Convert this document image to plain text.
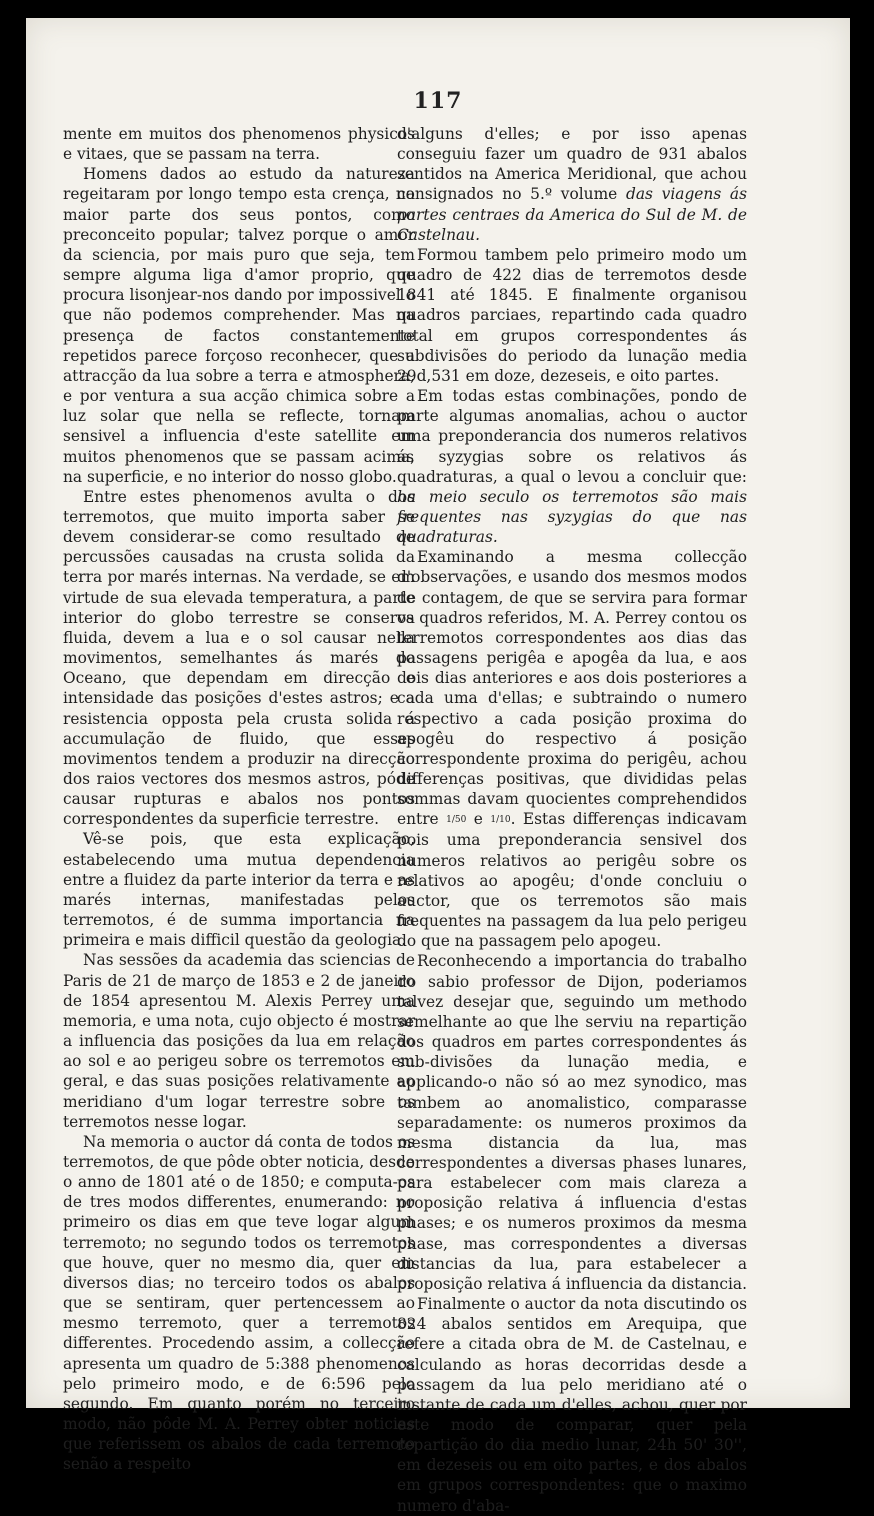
117

mente em muitos dos phenomenos physicos e vitaes, que se passam na terra.

Homens dados ao estudo da natureza regeitaram por longo tempo esta crença, na maior parte dos seus pontos, como preconceito popular; talvez porque o amor da sciencia, por mais puro que seja, tem sempre alguma liga d'amor proprio, que procura lisonjear-nos dando por impossivel o que não podemos comprehender. Mas na presença de factos constantemente repetidos parece forçoso reconhecer, que a attracção da lua sobre a terra e atmosphera, e por ventura a sua acção chimica sobre a luz solar que nella se reflecte, tornam sensivel a influencia d'este satellite em muitos phenomenos que se passam acima, na superficie, e no interior do nosso globo.

Entre estes phenomenos avulta o dos terremotos, que muito importa saber se devem considerar-se como resultado de percussões causadas na crusta solida da terra por marés internas. Na verdade, se em virtude de sua elevada temperatura, a parte interior do globo terrestre se conserva fluida, devem a lua e o sol causar nella movimentos, semelhantes ás marés do Oceano, que dependam em direcção e intensidade das posições d'estes astros; e a resistencia opposta pela crusta solida á accumulação de fluido, que esses movimentos tendem a produzir na direcção dos raios vectores dos mesmos astros, póde causar rupturas e abalos nos pontos correspondentes da superficie terrestre.

Vê-se pois, que esta explicação, estabelecendo uma mutua dependencia entre a fluidez da parte interior da terra e as marés internas, manifestadas pelos terremotos, é de summa importancia na primeira e mais difficil questão da geologia.

Nas sessões da academia das sciencias de Paris de 21 de março de 1853 e 2 de janeiro de 1854 apresentou M. Alexis Perrey uma memoria, e uma nota, cujo objecto é mostrar a influencia das posições da lua em relação ao sol e ao perigeu sobre os terremotos em geral, e das suas posições relativamente ao meridiano d'um logar terrestre sobre os terremotos nesse logar.

Na memoria o auctor dá conta de todos os terremotos, de que pôde obter noticia, desde o anno de 1801 até o de 1850; e computa-os de tres modos differentes, enumerando: no primeiro os dias em que teve logar algum terremoto; no segundo todos os terremotos que houve, quer no mesmo dia, quer em diversos dias; no terceiro todos os abalos que se sentiram, quer pertencessem ao mesmo terremoto, quer a terremotos differentes. Procedendo assim, a collecção apresenta um quadro de 5:388 phenomenos pelo primeiro modo, e de 6:596 pelo segundo. Em quanto porém no terceiro modo, não pôde M. A. Perrey obter noticias que referissem os abalos de cada terremoto senão a respeito

d'alguns d'elles; e por isso apenas conseguiu fazer um quadro de 931 abalos sentidos na America Meridional, que achou consignados no 5.º volume das viagens ás partes centraes da America do Sul de M. de Castelnau.

Formou tambem pelo primeiro modo um quadro de 422 dias de terremotos desde 1841 até 1845. E finalmente organisou quadros parciaes, repartindo cada quadro total em grupos correspondentes ás subdivisões do periodo da lunação media 29d,531 em doze, dezeseis, e oito partes.

Em todas estas combinações, pondo de parte algumas anomalias, achou o auctor uma preponderancia dos numeros relativos ás syzygias sobre os relativos ás quadraturas, a qual o levou a concluir que: ha meio seculo os terremotos são mais frequentes nas syzygias do que nas quadraturas.

Examinando a mesma collecção d'observações, e usando dos mesmos modos de contagem, de que se servira para formar os quadros referidos, M. A. Perrey contou os terremotos correspondentes aos dias das passagens perigêa e apogêa da lua, e aos dois dias anteriores e aos dois posteriores a cada uma d'ellas; e subtraindo o numero respectivo a cada posição proxima do apogêu do respectivo á posição correspondente proxima do perigêu, achou differenças positivas, que divididas pelas sommas davam quocientes comprehendidos entre 1/50 e 1/10. Estas differenças indicavam pois uma preponderancia sensivel dos numeros relativos ao perigêu sobre os relativos ao apogêu; d'onde concluiu o auctor, que os terremotos são mais frequentes na passagem da lua pelo perigeu do que na passagem pelo apogeu.

Reconhecendo a importancia do trabalho do sabio professor de Dijon, poderiamos talvez desejar que, seguindo um methodo semelhante ao que lhe serviu na repartição dos quadros em partes correspondentes ás sub-divisões da lunação media, e applicando-o não só ao mez synodico, mas tambem ao anomalistico, comparasse separadamente: os numeros proximos da mesma distancia da lua, mas correspondentes a diversas phases lunares, para estabelecer com mais clareza a proposição relativa á influencia d'estas phases; e os numeros proximos da mesma phase, mas correspondentes a diversas distancias da lua, para estabelecer a proposição relativa á influencia da distancia.

Finalmente o auctor da nota discutindo os 824 abalos sentidos em Arequipa, que refere a citada obra de M. de Castelnau, e calculando as horas decorridas desde a passagem da lua pelo meridiano até o instante de cada um d'elles, achou, quer por este modo de comparar, quer pela repartição do dia medio lunar, 24h 50' 30'', em dezeseis ou em oito partes, e dos abalos em grupos correspondentes: que o maximo numero d'aba-
